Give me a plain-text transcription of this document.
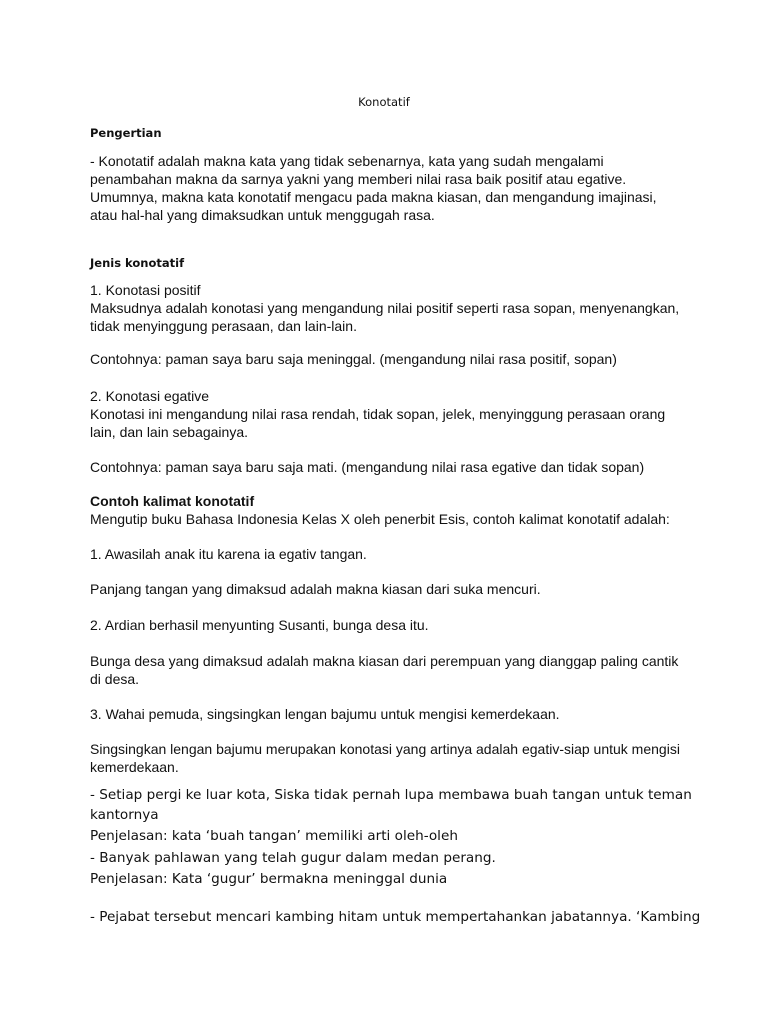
Konotatif
Pengertian
- Konotatif adalah makna kata yang tidak sebenarnya, kata yang sudah mengalami
penambahan makna da sarnya yakni yang memberi nilai rasa baik positif atau egative.
Umumnya, makna kata konotatif mengacu pada makna kiasan, dan mengandung imajinasi,
atau hal-hal yang dimaksudkan untuk menggugah rasa.
Jenis konotatif
1. Konotasi positif
Maksudnya adalah konotasi yang mengandung nilai positif seperti rasa sopan, menyenangkan,
tidak menyinggung perasaan, dan lain-lain.
Contohnya: paman saya baru saja meninggal. (mengandung nilai rasa positif, sopan)
2. Konotasi egative
Konotasi ini mengandung nilai rasa rendah, tidak sopan, jelek, menyinggung perasaan orang
lain, dan lain sebagainya.
Contohnya: paman saya baru saja mati. (mengandung nilai rasa egative dan tidak sopan)
Contoh kalimat konotatif
Mengutip buku Bahasa Indonesia Kelas X oleh penerbit Esis, contoh kalimat konotatif adalah:
1. Awasilah anak itu karena ia egativ tangan.
Panjang tangan yang dimaksud adalah makna kiasan dari suka mencuri.
2. Ardian berhasil menyunting Susanti, bunga desa itu.
Bunga desa yang dimaksud adalah makna kiasan dari perempuan yang dianggap paling cantik
di desa.
3. Wahai pemuda, singsingkan lengan bajumu untuk mengisi kemerdekaan.
Singsingkan lengan bajumu merupakan konotasi yang artinya adalah egativ-siap untuk mengisi
kemerdekaan.
- Setiap pergi ke luar kota, Siska tidak pernah lupa membawa buah tangan untuk teman
kantornya
Penjelasan: kata ‘buah tangan’ memiliki arti oleh-oleh
- Banyak pahlawan yang telah gugur dalam medan perang.
Penjelasan: Kata ‘gugur’ bermakna meninggal dunia
- Pejabat tersebut mencari kambing hitam untuk mempertahankan jabatannya. ‘Kambing
